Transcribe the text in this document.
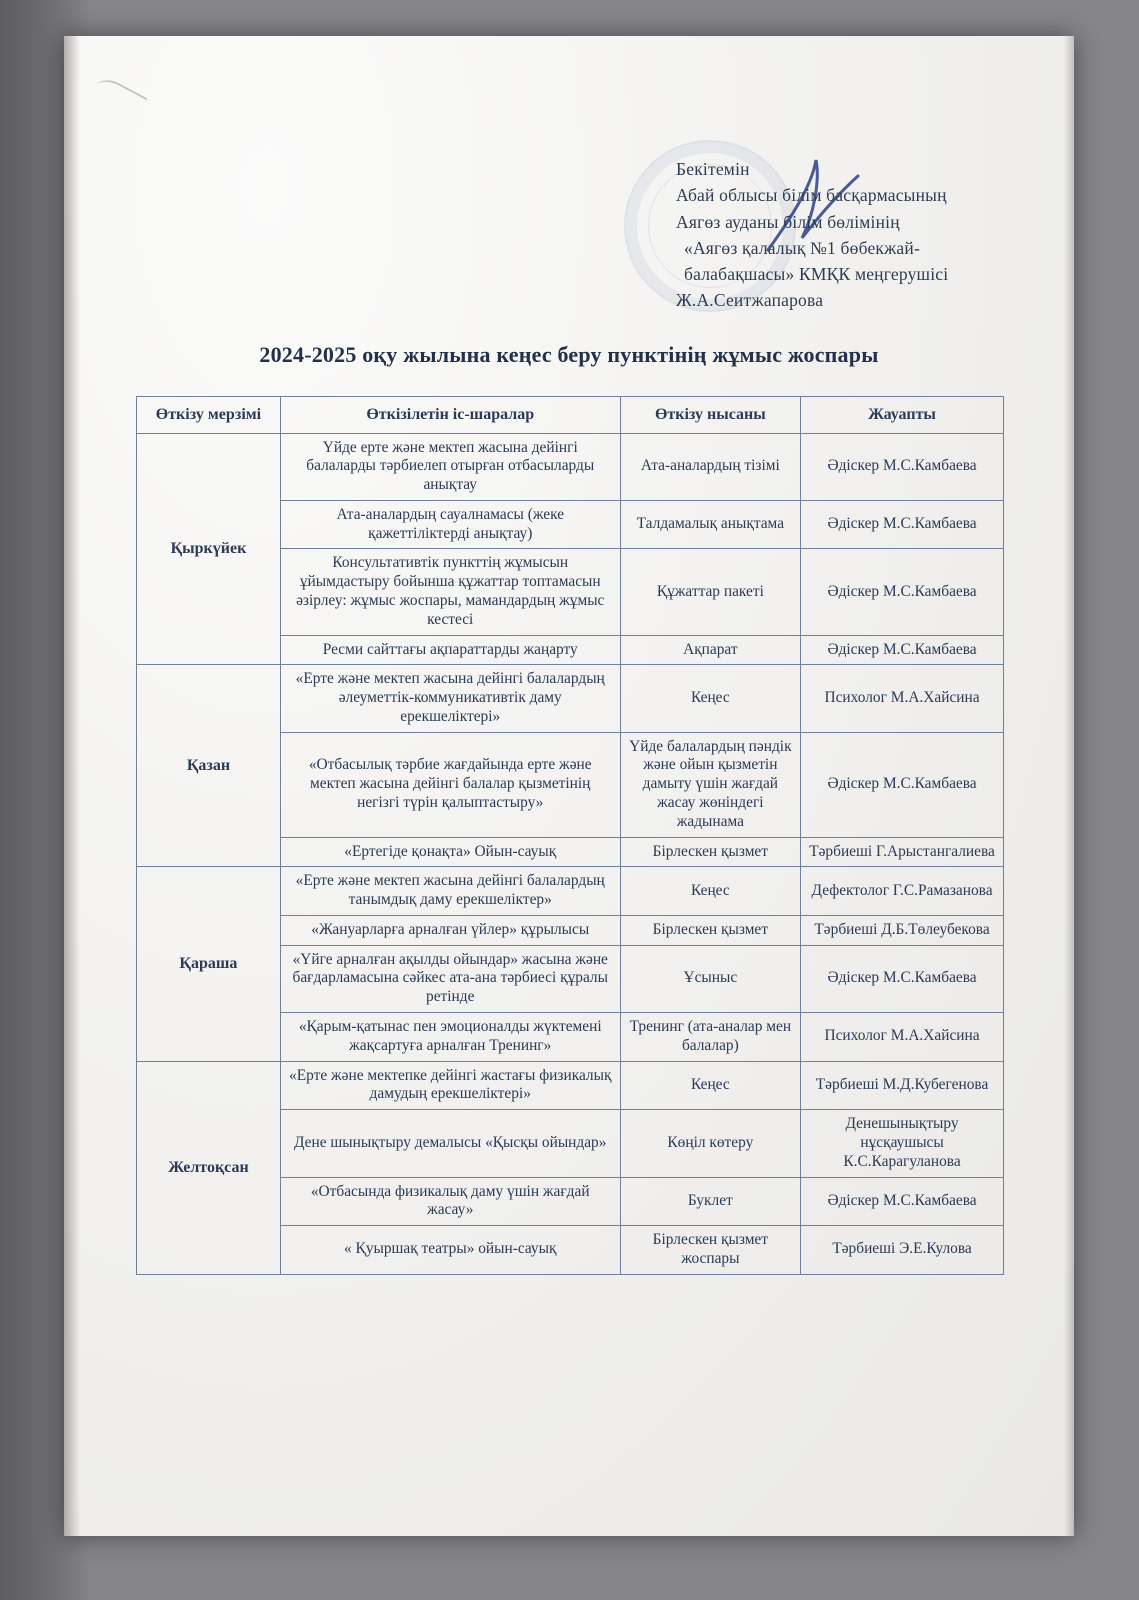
Бекітемін
Абай облысы білім басқармасының
Аягөз ауданы білім бөлімінің
«Аягөз қалалық №1 бөбекжай-
балабақшасы» КМҚК меңгерушісі
Ж.А.Сеитжапарова
2024-2025 оқу жылына кеңес беру пунктінің жұмыс жоспары
Өткізу мерзімі	Өткізілетін іс-шаралар	Өткізу нысаны	Жауапты
Қыркүйек	Үйде ерте және мектеп жасына дейінгі балаларды тәрбиелеп отырған отбасыларды анықтау	Ата-аналардың тізімі	Әдіскер М.С.Камбаева
	Ата-аналардың сауалнамасы (жеке қажеттіліктерді анықтау)	Талдамалық анықтама	Әдіскер М.С.Камбаева
	Консультативтік пункттің жұмысын ұйымдастыру бойынша құжаттар топтамасын әзірлеу: жұмыс жоспары, мамандардың жұмыс кестесі	Құжаттар пакеті	Әдіскер М.С.Камбаева
	Ресми сайттағы ақпараттарды жаңарту	Ақпарат	Әдіскер М.С.Камбаева
Қазан	«Ерте және мектеп жасына дейінгі балалардың әлеуметтік-коммуникативтік даму ерекшеліктері»	Кеңес	Психолог М.А.Хайсина
	«Отбасылық тәрбие жағдайында ерте және мектеп жасына дейінгі балалар қызметінің негізгі түрін қалыптастыру»	Үйде балалардың пәндік және ойын қызметін дамыту үшін жағдай жасау жөніндегі жадынама	Әдіскер М.С.Камбаева
	«Ертегіде қонақта» Ойын-сауық	Бірлескен қызмет	Тәрбиеші Г.Арыстангалиева
Қараша	«Ерте және мектеп жасына дейінгі балалардың танымдық даму ерекшеліктер»	Кеңес	Дефектолог Г.С.Рамазанова
	«Жануарларға арналған үйлер» құрылысы	Бірлескен қызмет	Тәрбиеші Д.Б.Төлеубекова
	«Үйге арналған ақылды ойындар» жасына және бағдарламасына сәйкес ата-ана тәрбиесі құралы ретінде	Ұсыныс	Әдіскер М.С.Камбаева
	«Қарым-қатынас пен эмоционалды жүктемені жақсартуға арналған Тренинг»	Тренинг (ата-аналар мен балалар)	Психолог М.А.Хайсина
Желтоқсан	«Ерте және мектепке дейінгі жастағы физикалық дамудың ерекшеліктері»	Кеңес	Тәрбиеші М.Д.Кубегенова
	Дене шынықтыру демалысы «Қысқы ойындар»	Көңіл көтеру	Денешынықтыру нұсқаушысы К.С.Карагуланова
	«Отбасында физикалық даму үшін жағдай жасау»	Буклет	Әдіскер М.С.Камбаева
	« Қуыршақ театры» ойын-сауық	Бірлескен қызмет жоспары	Тәрбиеші Э.Е.Кулова
